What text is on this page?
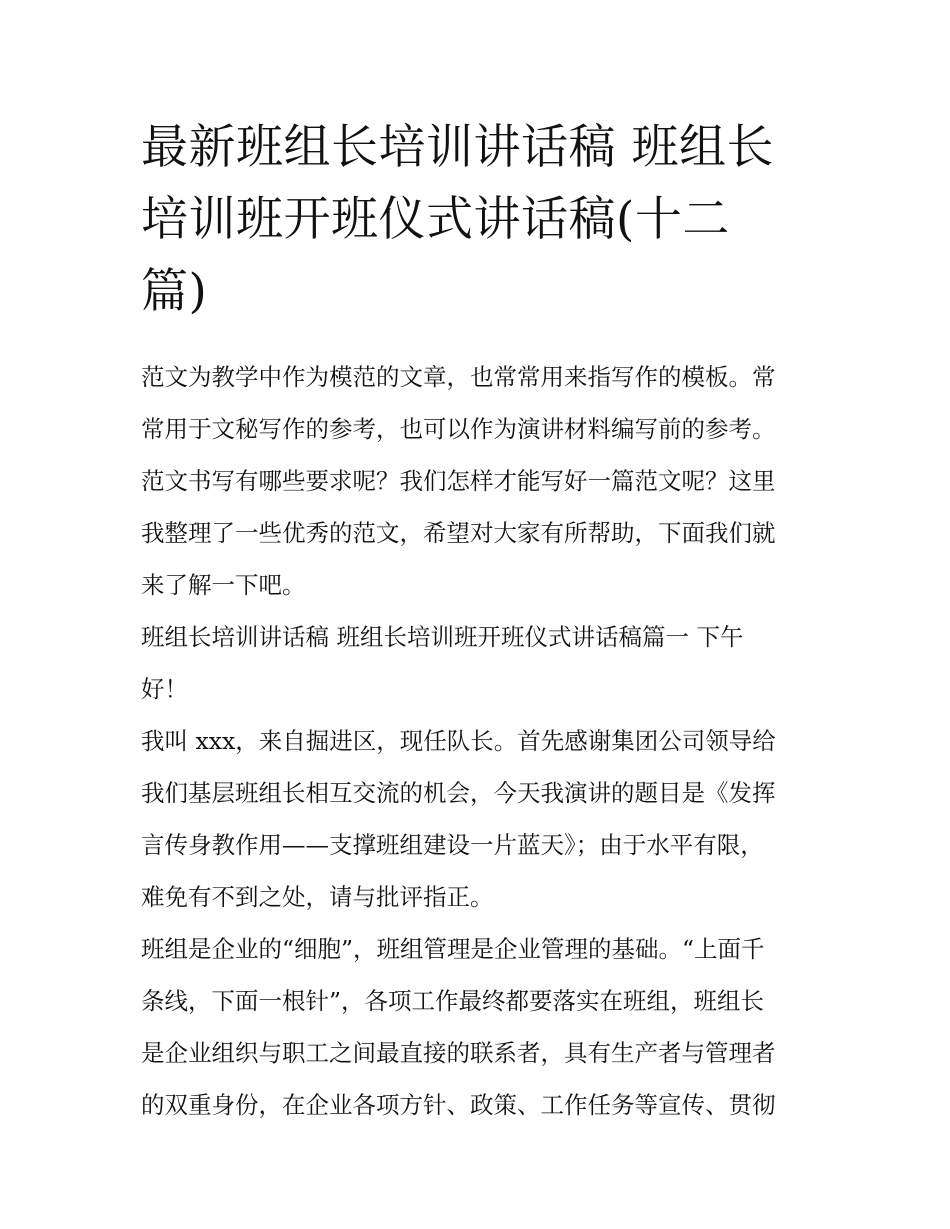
最新班组长培训讲话稿 班组长
培训班开班仪式讲话稿(十二
篇)
范文为教学中作为模范的文章，也常常用来指写作的模板。常
常用于文秘写作的参考，也可以作为演讲材料编写前的参考。
范文书写有哪些要求呢？我们怎样才能写好一篇范文呢？这里
我整理了一些优秀的范文，希望对大家有所帮助，下面我们就
来了解一下吧。
班组长培训讲话稿 班组长培训班开班仪式讲话稿篇一 下午
好！
我叫 xxx，来自掘进区，现任队长。首先感谢集团公司领导给
我们基层班组长相互交流的机会，今天我演讲的题目是《发挥
言传身教作用——支撑班组建设一片蓝天》；由于水平有限，
难免有不到之处，请与批评指正。
班组是企业的“细胞”，班组管理是企业管理的基础。“上面千
条线，下面一根针”，各项工作最终都要落实在班组，班组长
是企业组织与职工之间最直接的联系者，具有生产者与管理者
的双重身份，在企业各项方针、政策、工作任务等宣传、贯彻
